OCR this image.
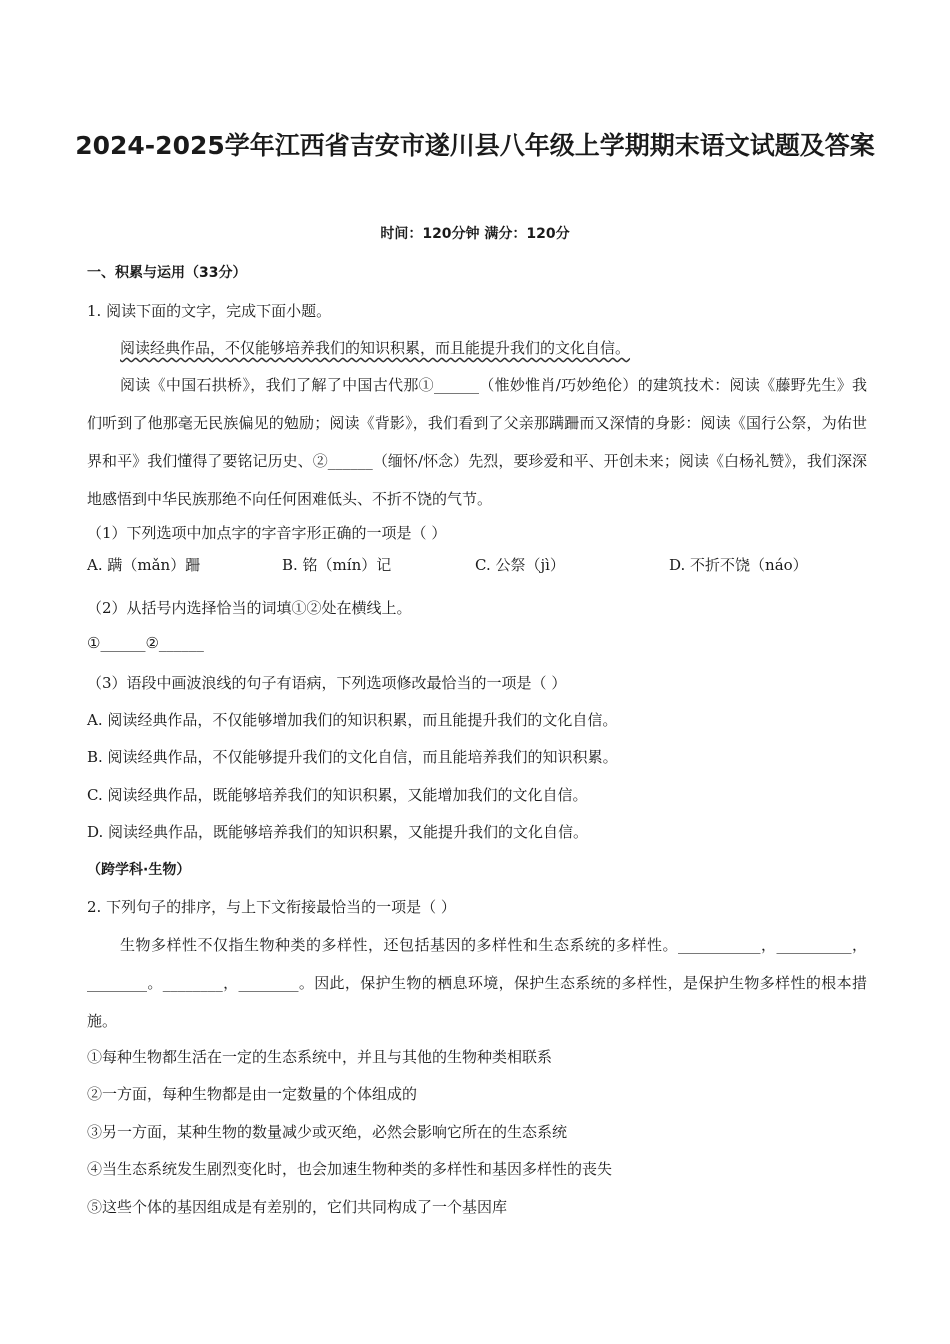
2024-2025学年江西省吉安市遂川县八年级上学期期末语文试题及答案
时间：120分钟 满分：120分
一、积累与运用（33分）
1. 阅读下面的文字，完成下面小题。
阅读经典作品，不仅能够培养我们的知识积累，而且能提升我们的文化自信。

阅读《中国石拱桥》，我们了解了中国古代那①______（惟妙惟肖/巧妙绝伦）的建筑技术：阅读《藤野先生》我们听到了他那毫无民族偏见的勉励；阅读《背影》，我们看到了父亲那蹒跚而又深情的身影：阅读《国行公祭，为佑世界和平》我们懂得了要铭记历史、②______（缅怀/怀念）先烈，要珍爱和平、开创未来；阅读《白杨礼赞》，我们深深地感悟到中华民族那绝不向任何困难低头、不折不饶的气节。

（1）下列选项中加点字的字音字形正确的一项是（ ）
A. 蹒（mǎn）跚	B. 铭（mín）记	C. 公祭（jì）	D. 不折不饶（náo）
（2）从括号内选择恰当的词填①②处在横线上。
①______②______
（3）语段中画波浪线的句子有语病，下列选项修改最恰当的一项是（ ）
A. 阅读经典作品，不仅能够增加我们的知识积累，而且能提升我们的文化自信。
B. 阅读经典作品，不仅能够提升我们的文化自信，而且能培养我们的知识积累。
C. 阅读经典作品，既能够培养我们的知识积累，又能增加我们的文化自信。
D. 阅读经典作品，既能够培养我们的知识积累，又能提升我们的文化自信。
（跨学科·生物）
2. 下列句子的排序，与上下文衔接最恰当的一项是（ ）

生物多样性不仅指生物种类的多样性，还包括基因的多样性和生态系统的多样性。___________，__________，________。________，________。因此，保护生物的栖息环境，保护生态系统的多样性，是保护生物多样性的根本措施。

①每种生物都生活在一定的生态系统中，并且与其他的生物种类相联系
②一方面，每种生物都是由一定数量的个体组成的
③另一方面，某种生物的数量减少或灭绝，必然会影响它所在的生态系统
④当生态系统发生剧烈变化时，也会加速生物种类的多样性和基因多样性的丧失
⑤这些个体的基因组成是有差别的，它们共同构成了一个基因库
